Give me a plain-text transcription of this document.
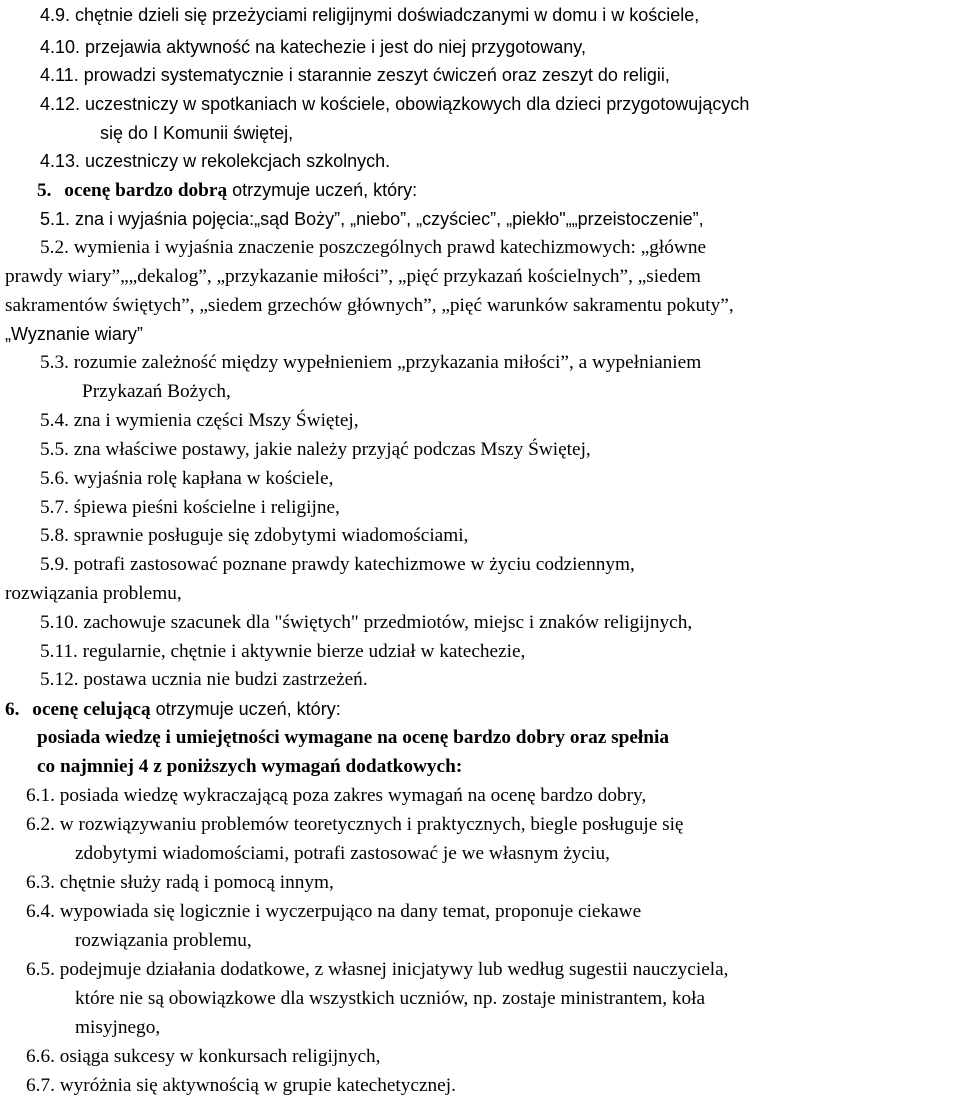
4.9. chętnie dzieli się przeżyciami religijnymi doświadczanymi w domu i w kościele,
4.10. przejawia aktywność na katechezie i jest do niej przygotowany,
4.11. prowadzi systematycznie i starannie zeszyt ćwiczeń oraz zeszyt do religii,
4.12. uczestniczy w spotkaniach w kościele, obowiązkowych dla dzieci przygotowujących
się do I Komunii świętej,
4.13. uczestniczy w rekolekcjach szkolnych.
5. ocenę bardzo dobrą otrzymuje uczeń, który:
5.1. zna i wyjaśnia pojęcia:„sąd Boży”, „niebo”, „czyściec”, „piekło"„„przeistoczenie”,
5.2. wymienia i wyjaśnia znaczenie poszczególnych prawd katechizmowych: „główne
prawdy wiary”„„dekalog”, „przykazanie miłości”, „pięć przykazań kościelnych”, „siedem
sakramentów świętych”, „siedem grzechów głównych”, „pięć warunków sakramentu pokuty”,
„Wyznanie wiary”
5.3. rozumie zależność między wypełnieniem „przykazania miłości”, a wypełnianiem
Przykazań Bożych,
5.4. zna i wymienia części Mszy Świętej,
5.5. zna właściwe postawy, jakie należy przyjąć podczas Mszy Świętej,
5.6. wyjaśnia rolę kapłana w kościele,
5.7. śpiewa pieśni kościelne i religijne,
5.8. sprawnie posługuje się zdobytymi wiadomościami,
5.9. potrafi zastosować poznane prawdy katechizmowe w życiu codziennym,
rozwiązania problemu,
5.10. zachowuje szacunek dla "świętych" przedmiotów, miejsc i znaków religijnych,
5.11. regularnie, chętnie i aktywnie bierze udział w katechezie,
5.12. postawa ucznia nie budzi zastrzeżeń.
6. ocenę celującą otrzymuje uczeń, który:
posiada wiedzę i umiejętności wymagane na ocenę bardzo dobry oraz spełnia
co najmniej 4 z poniższych wymagań dodatkowych:
6.1. posiada wiedzę wykraczającą poza zakres wymagań na ocenę bardzo dobry,
6.2. w rozwiązywaniu problemów teoretycznych i praktycznych, biegle posługuje się
zdobytymi wiadomościami, potrafi zastosować je we własnym życiu,
6.3. chętnie służy radą i pomocą innym,
6.4. wypowiada się logicznie i wyczerpująco na dany temat, proponuje ciekawe
rozwiązania problemu,
6.5. podejmuje działania dodatkowe, z własnej inicjatywy lub według sugestii nauczyciela,
które nie są obowiązkowe dla wszystkich uczniów, np. zostaje ministrantem, koła
misyjnego,
6.6. osiąga sukcesy w konkursach religijnych,
6.7. wyróżnia się aktywnością w grupie katechetycznej.
